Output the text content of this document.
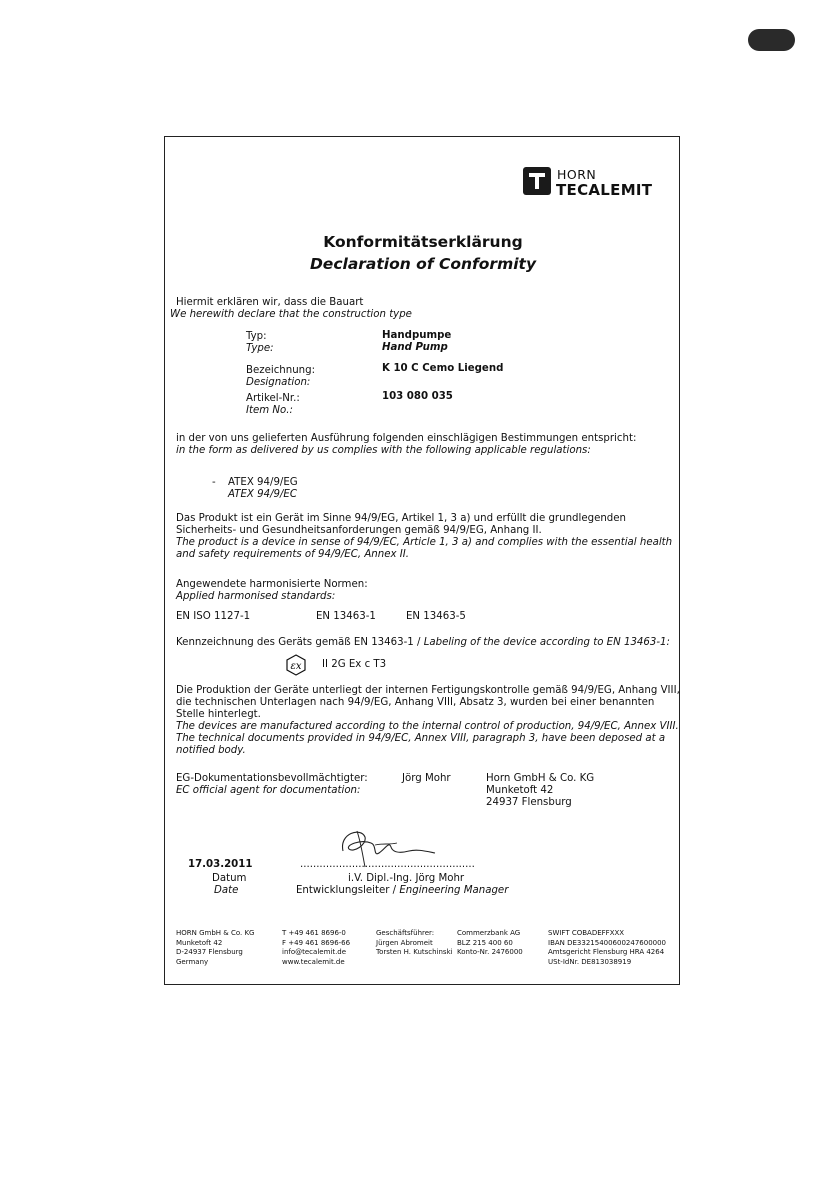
HORN
TECALEMIT
Konformitätserklärung
Declaration of Conformity
Hiermit erklären wir, dass die Bauart
We herewith declare that the construction type
Typ:
Type:
Handpumpe
Hand Pump
Bezeichnung:
Designation:
K 10 C Cemo Liegend
Artikel-Nr.:
Item No.:
103 080 035
in der von uns gelieferten Ausführung folgenden einschlägigen Bestimmungen entspricht:
in the form as delivered by us complies with the following applicable regulations:
- ATEX 94/9/EG
ATEX 94/9/EC
Das Produkt ist ein Gerät im Sinne 94/9/EG, Artikel 1, 3 a) und erfüllt die grundlegenden
Sicherheits- und Gesundheitsanforderungen gemäß 94/9/EG, Anhang II.
The product is a device in sense of 94/9/EC, Article 1, 3 a) and complies with the essential health
and safety requirements of 94/9/EC, Annex II.
Angewendete harmonisierte Normen:
Applied harmonised standards:
EN ISO 1127-1	EN 13463-1	EN 13463-5
Kennzeichnung des Geräts gemäß EN 13463-1 / Labeling of the device according to EN 13463-1:
εx II 2G Ex c T3
Die Produktion der Geräte unterliegt der internen Fertigungskontrolle gemäß 94/9/EG, Anhang VIII,
die technischen Unterlagen nach 94/9/EG, Anhang VIII, Absatz 3, wurden bei einer benannten
Stelle hinterlegt.
The devices are manufactured according to the internal control of production, 94/9/EC, Annex VIII.
The technical documents provided in 94/9/EC, Annex VIII, paragraph 3, have been deposed at a
notified body.
EG-Dokumentationsbevollmächtigter:
EC official agent for documentation:
Jörg Mohr	Horn GmbH & Co. KG
Munketoft 42
24937 Flensburg
17.03.2011	......................................................
Datum
Date
i.V. Dipl.-Ing. Jörg Mohr
Entwicklungsleiter / Engineering Manager
HORN GmbH & Co. KG
Munketoft 42
D-24937 Flensburg
Germany
T +49 461 8696-0
F +49 461 8696-66
info@tecalemit.de
www.tecalemit.de
Geschäftsführer:
Jürgen Abromeit
Torsten H. Kutschinski
Commerzbank AG
BLZ 215 400 60
Konto-Nr. 2476000
SWIFT COBADEFFXXX
IBAN DE33215400600247600000
Amtsgericht Flensburg HRA 4264
USt-IdNr. DE813038919
